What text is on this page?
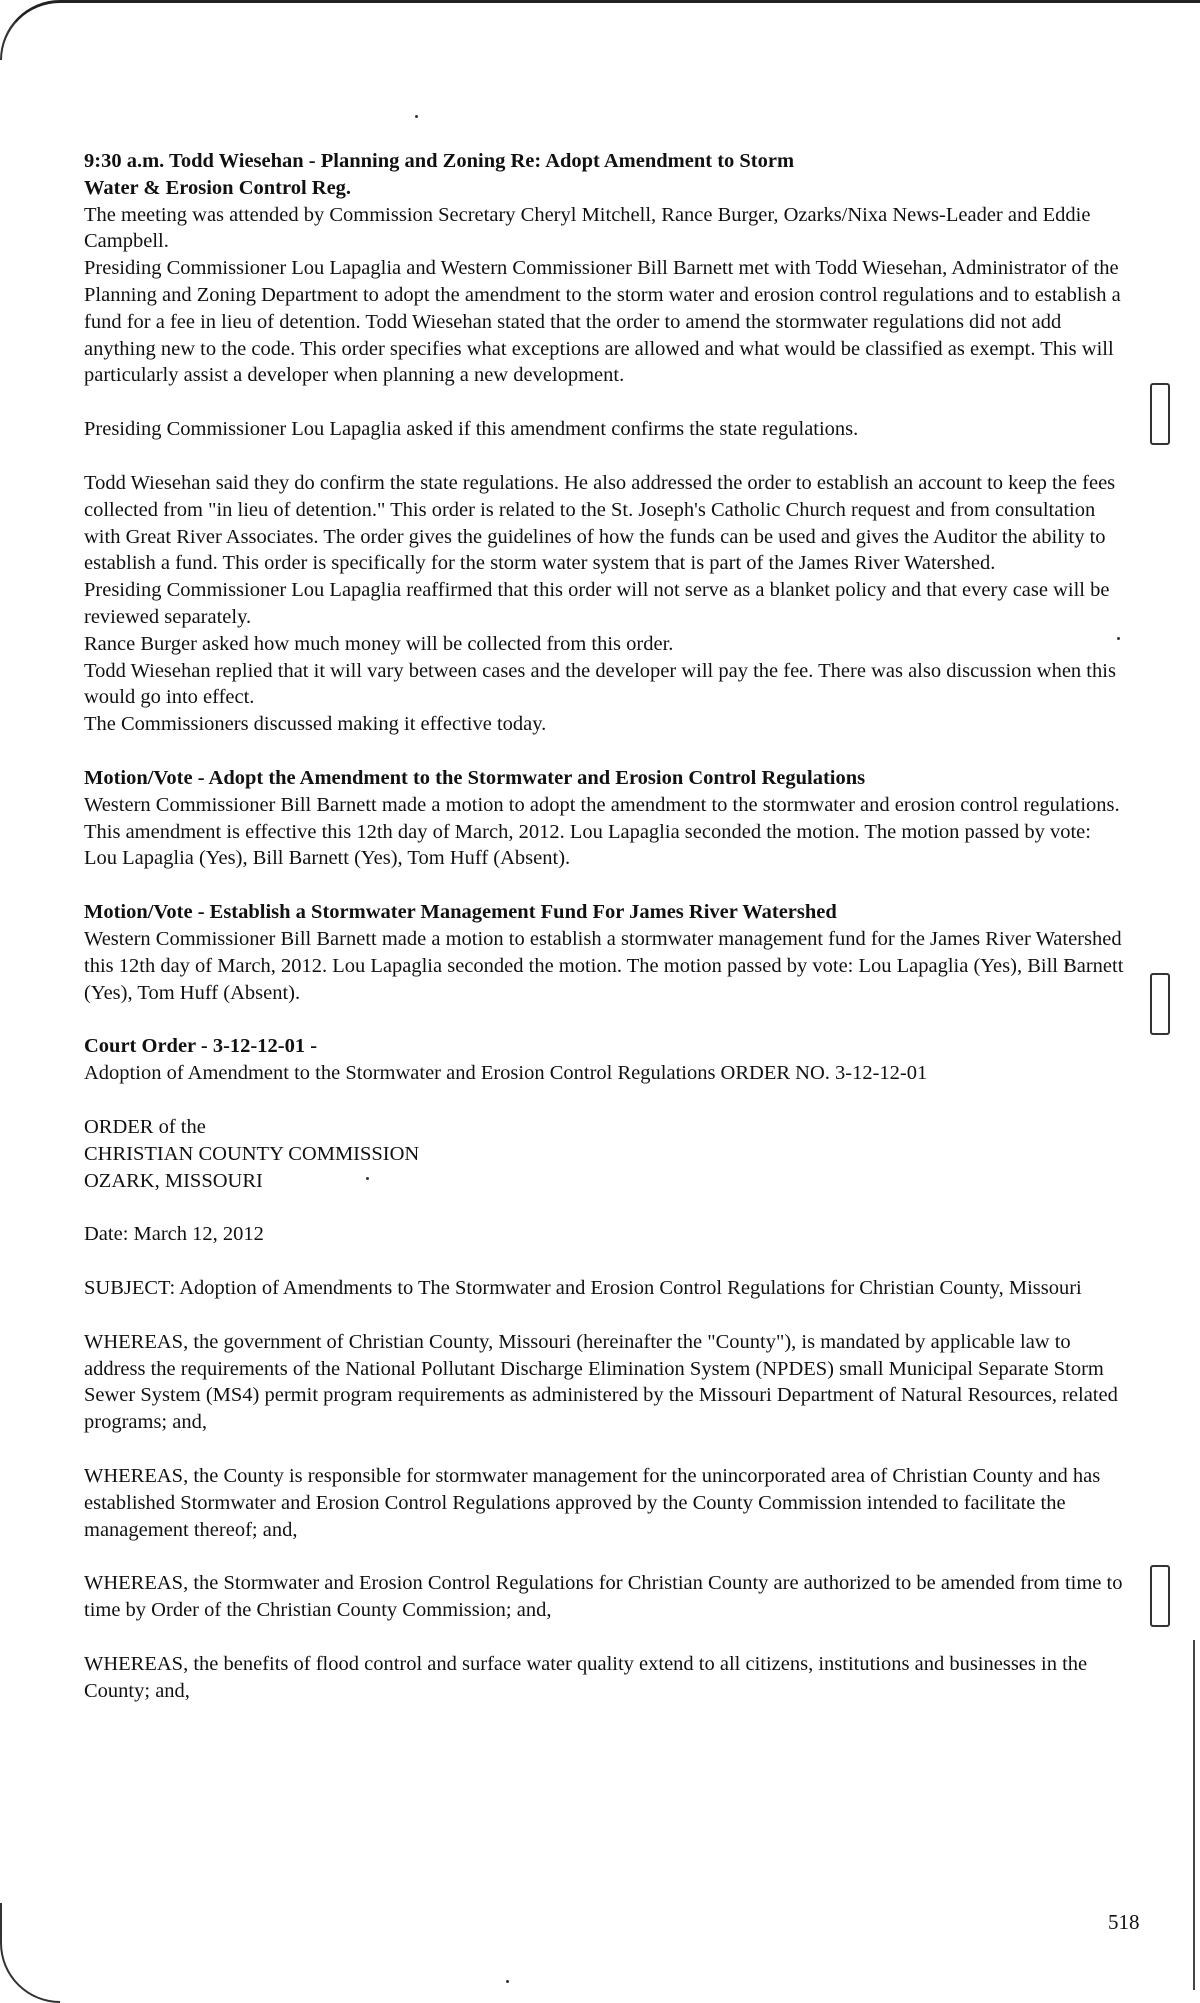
9:30 a.m. Todd Wiesehan - Planning and Zoning Re: Adopt Amendment to Storm

Water & Erosion Control Reg.

The meeting was attended by Commission Secretary Cheryl Mitchell, Rance Burger, Ozarks/Nixa News-Leader and Eddie Campbell.

Presiding Commissioner Lou Lapaglia and Western Commissioner Bill Barnett met with Todd Wiesehan, Administrator of the Planning and Zoning Department to adopt the amendment to the storm water and erosion control regulations and to establish a fund for a fee in lieu of detention. Todd Wiesehan stated that the order to amend the stormwater regulations did not add anything new to the code. This order specifies what exceptions are allowed and what would be classified as exempt. This will particularly assist a developer when planning a new development.

Presiding Commissioner Lou Lapaglia asked if this amendment confirms the state regulations.

Todd Wiesehan said they do confirm the state regulations. He also addressed the order to establish an account to keep the fees collected from "in lieu of detention." This order is related to the St. Joseph's Catholic Church request and from consultation with Great River Associates. The order gives the guidelines of how the funds can be used and gives the Auditor the ability to establish a fund. This order is specifically for the storm water system that is part of the James River Watershed.

Presiding Commissioner Lou Lapaglia reaffirmed that this order will not serve as a blanket policy and that every case will be reviewed separately.

Rance Burger asked how much money will be collected from this order.

Todd Wiesehan replied that it will vary between cases and the developer will pay the fee. There was also discussion when this would go into effect.

The Commissioners discussed making it effective today.

Motion/Vote - Adopt the Amendment to the Stormwater and Erosion Control Regulations

Western Commissioner Bill Barnett made a motion to adopt the amendment to the stormwater and erosion control regulations. This amendment is effective this 12th day of March, 2012. Lou Lapaglia seconded the motion. The motion passed by vote: Lou Lapaglia (Yes), Bill Barnett (Yes), Tom Huff (Absent).

Motion/Vote - Establish a Stormwater Management Fund For James River Watershed

Western Commissioner Bill Barnett made a motion to establish a stormwater management fund for the James River Watershed this 12th day of March, 2012. Lou Lapaglia seconded the motion. The motion passed by vote: Lou Lapaglia (Yes), Bill Barnett (Yes), Tom Huff (Absent).

Court Order - 3-12-12-01 -

Adoption of Amendment to the Stormwater and Erosion Control Regulations ORDER NO. 3-12-12-01

ORDER of the

CHRISTIAN COUNTY COMMISSION

OZARK, MISSOURI

Date: March 12, 2012

SUBJECT: Adoption of Amendments to The Stormwater and Erosion Control Regulations for Christian County, Missouri

WHEREAS, the government of Christian County, Missouri (hereinafter the "County"), is mandated by applicable law to address the requirements of the National Pollutant Discharge Elimination System (NPDES) small Municipal Separate Storm Sewer System (MS4) permit program requirements as administered by the Missouri Department of Natural Resources, related programs; and,

WHEREAS, the County is responsible for stormwater management for the unincorporated area of Christian County and has established Stormwater and Erosion Control Regulations approved by the County Commission intended to facilitate the management thereof; and,

WHEREAS, the Stormwater and Erosion Control Regulations for Christian County are authorized to be amended from time to time by Order of the Christian County Commission; and,

WHEREAS, the benefits of flood control and surface water quality extend to all citizens, institutions and businesses in the County; and,

518
